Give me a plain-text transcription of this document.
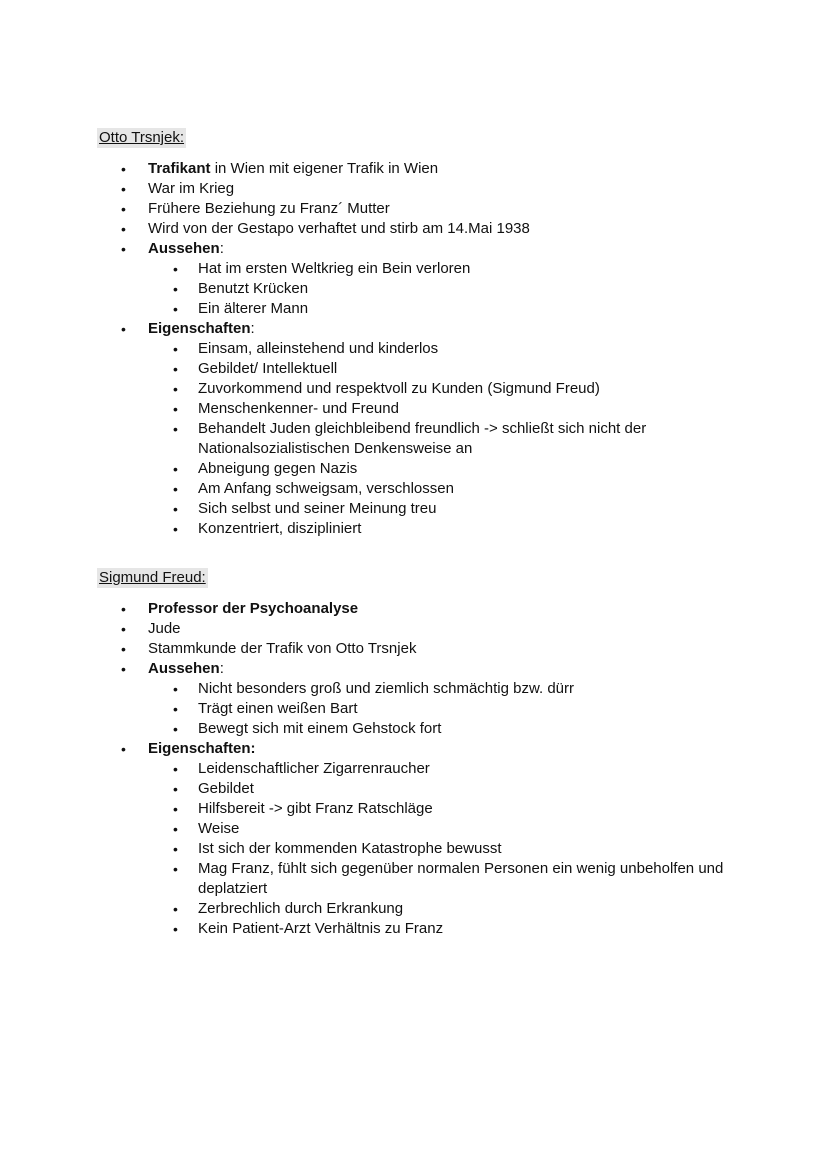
Otto Trsnjek:
• Trafikant in Wien mit eigener Trafik in Wien
• War im Krieg
• Frühere Beziehung zu Franz´ Mutter
• Wird von der Gestapo verhaftet und stirb am 14.Mai 1938
• Aussehen:
• Hat im ersten Weltkrieg ein Bein verloren
• Benutzt Krücken
• Ein älterer Mann
• Eigenschaften:
• Einsam, alleinstehend und kinderlos
• Gebildet/ Intellektuell
• Zuvorkommend und respektvoll zu Kunden (Sigmund Freud)
• Menschenkenner- und Freund
• Behandelt Juden gleichbleibend freundlich -> schließt sich nicht der Nationalsozialistischen Denkensweise an
• Abneigung gegen Nazis
• Am Anfang schweigsam, verschlossen
• Sich selbst und seiner Meinung treu
• Konzentriert, diszipliniert
Sigmund Freud:
• Professor der Psychoanalyse
• Jude
• Stammkunde der Trafik von Otto Trsnjek
• Aussehen:
• Nicht besonders groß und ziemlich schmächtig bzw. dürr
• Trägt einen weißen Bart
• Bewegt sich mit einem Gehstock fort
• Eigenschaften:
• Leidenschaftlicher Zigarrenraucher
• Gebildet
• Hilfsbereit -> gibt Franz Ratschläge
• Weise
• Ist sich der kommenden Katastrophe bewusst
• Mag Franz, fühlt sich gegenüber normalen Personen ein wenig unbeholfen und deplatziert
• Zerbrechlich durch Erkrankung
• Kein Patient-Arzt Verhältnis zu Franz
